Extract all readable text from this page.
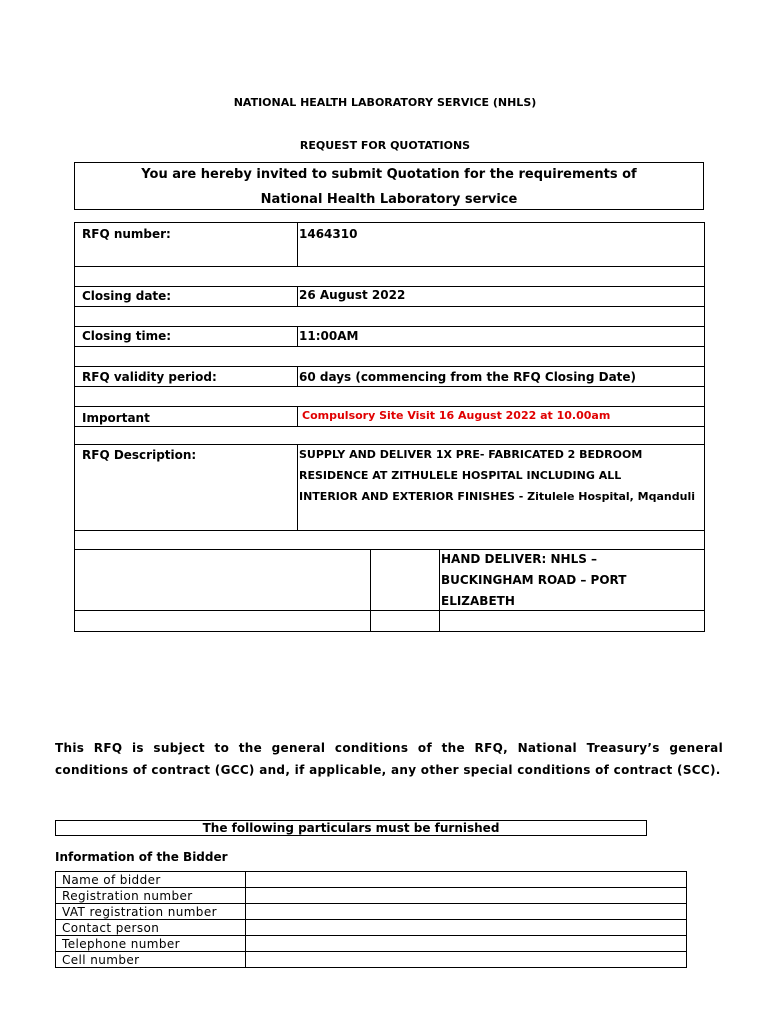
NATIONAL HEALTH LABORATORY SERVICE (NHLS)
REQUEST FOR QUOTATIONS
You are hereby invited to submit Quotation for the requirements of
National Health Laboratory service
RFQ number:	1464310
Closing date:	26 August 2022
Closing time:	11:00AM
RFQ validity period:	60 days (commencing from the RFQ Closing Date)
Important	Compulsory Site Visit 16 August 2022 at 10.00am
RFQ Description:	SUPPLY AND DELIVER 1X PRE- FABRICATED 2 BEDROOM
RESIDENCE AT ZITHULELE HOSPITAL INCLUDING ALL
INTERIOR AND EXTERIOR FINISHES - Zitulele Hospital, Mqanduli
HAND DELIVER: NHLS –
BUCKINGHAM ROAD – PORT
ELIZABETH
This RFQ is subject to the general conditions of the RFQ, National Treasury’s general conditions of contract (GCC) and, if applicable, any other special conditions of contract (SCC).
The following particulars must be furnished
Information of the Bidder
Name of bidder	
Registration number	
VAT registration number	
Contact person	
Telephone number	
Cell number	
